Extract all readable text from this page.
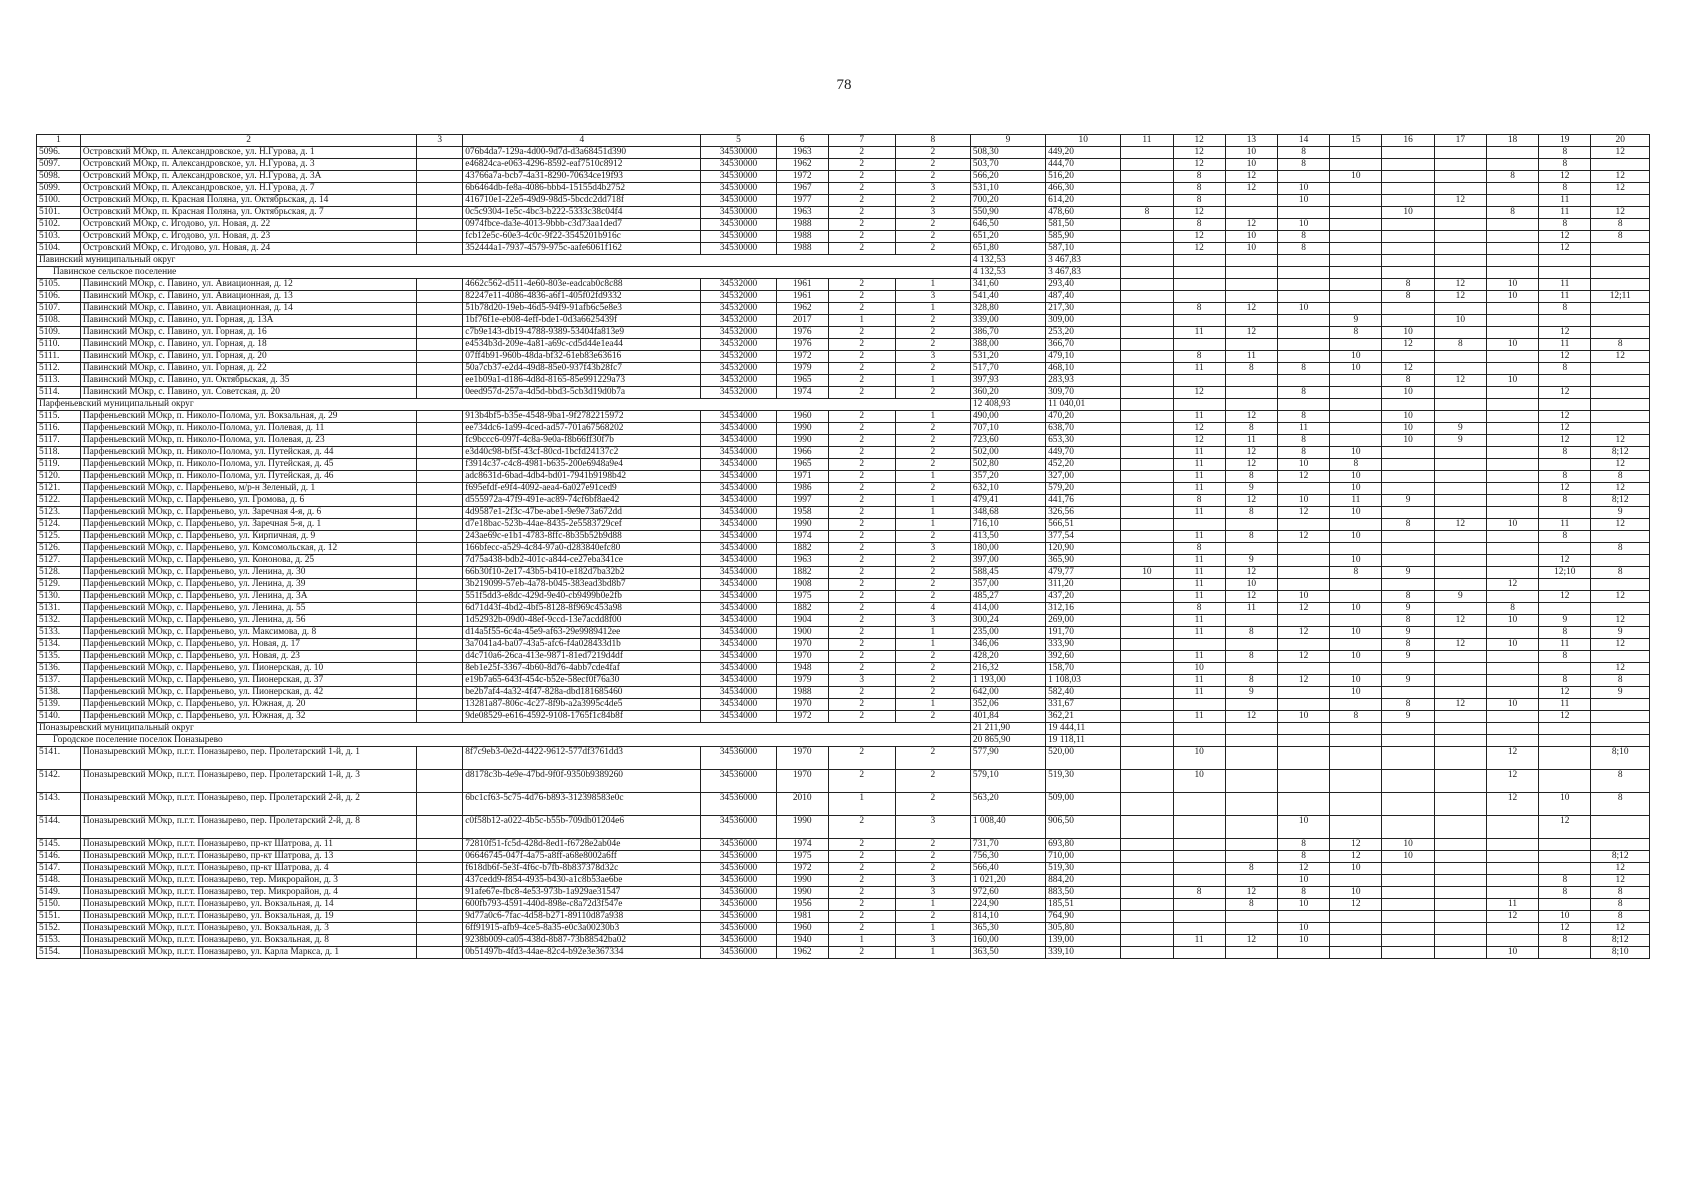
78
1	2	3	4	5	6	7	8	9	10	11	12	13	14	15	16	17	18	19	20
5096.	Островский МОкр, п. Александровское, ул. Н.Гурова, д. 1		076b4da7-129a-4d00-9d7d-d3a68451d390	34530000	1963	2	2	508,30	449,20		12	10	8					8	12
5097.	Островский МОкр, п. Александровское, ул. Н.Гурова, д. 3		e46824ca-e063-4296-8592-eaf7510c8912	34530000	1962	2	2	503,70	444,70		12	10	8					8	
5098.	Островский МОкр, п. Александровское, ул. Н.Гурова, д. 3А		43766a7a-bcb7-4a31-8290-70634ce19f93	34530000	1972	2	2	566,20	516,20		8	12		10			8	12	12
5099.	Островский МОкр, п. Александровское, ул. Н.Гурова, д. 7		6b6464db-fe8a-4086-bbb4-15155d4b2752	34530000	1967	2	3	531,10	466,30		8	12	10					8	12
5100.	Островский МОкр, п. Красная Поляна, ул. Октябрьская, д. 14		416710e1-22e5-49d9-98d5-5bcdc2dd718f	34530000	1977	2	2	700,20	614,20		8		10			12		11	
5101.	Островский МОкр, п. Красная Поляна, ул. Октябрьская, д. 7		0c5c9304-1e5c-4bc3-b222-5333c38c04f4	34530000	1963	2	3	550,90	478,60	8	12				10		8	11	12
5102.	Островский МОкр, с. Игодово, ул. Новая, д. 22		0974fbce-da3e-4013-9bbb-c3d73aa1ded7	34530000	1988	2	2	646,50	581,50		8	12	10					8	8
5103.	Островский МОкр, с. Игодово, ул. Новая, д. 23		fcb12e5c-60e3-4c0c-9f22-3545201b916c	34530000	1988	2	2	651,20	585,90		12	10	8					12	8
5104.	Островский МОкр, с. Игодово, ул. Новая, д. 24		352444a1-7937-4579-975c-aafe6061f162	34530000	1988	2	2	651,80	587,10		12	10	8					12	
Павинский муниципальный округ								4 132,53	3 467,83										
Павинское сельское поселение								4 132,53	3 467,83										
5105.	Павинский МОкр, с. Павино, ул. Авиационная, д. 12		4662c562-d511-4e60-803e-eadcab0c8c88	34532000	1961	2	1	341,60	293,40						8	12	10	11	
5106.	Павинский МОкр, с. Павино, ул. Авиационная, д. 13		82247e11-4086-4836-a6f1-405f02fd9332	34532000	1961	2	3	541,40	487,40						8	12	10	11	12;11
5107.	Павинский МОкр, с. Павино, ул. Авиационная, д. 14		51b78d20-19eb-46d5-94f9-91afb6c5e8e3	34532000	1962	2	1	328,80	217,30		8	12	10					8	
5108.	Павинский МОкр, с. Павино, ул. Горная, д. 13А		1bf76f1e-eb08-4eff-bde1-0d3a6625439f	34532000	2017	1	2	339,00	309,00					9		10			
5109.	Павинский МОкр, с. Павино, ул. Горная, д. 16		c7b9e143-db19-4788-9389-53404fa813e9	34532000	1976	2	2	386,70	253,20		11	12		8	10			12	
5110.	Павинский МОкр, с. Павино, ул. Горная, д. 18		e4534b3d-209e-4a81-a69c-cd5d44e1ea44	34532000	1976	2	2	388,00	366,70						12	8	10	11	8
5111.	Павинский МОкр, с. Павино, ул. Горная, д. 20		07ff4b91-960b-48da-bf32-61eb83e63616	34532000	1972	2	3	531,20	479,10		8	11		10				12	12
5112.	Павинский МОкр, с. Павино, ул. Горная, д. 22		50a7cb37-e2d4-49d8-85e0-937f43b28fc7	34532000	1979	2	2	517,70	468,10		11	8	8	10	12			8	
5113.	Павинский МОкр, с. Павино, ул. Октябрьская, д. 35		ee1b09a1-d186-4d8d-8165-85e991229a73	34532000	1965	2	1	397,93	283,93						8	12	10		
5114.	Павинский МОкр, с. Павино, ул. Советская, д. 20		0eed957d-257a-4d5d-bbd3-5cb3d19d0b7a	34532000	1974	2	2	360,20	309,70		12		8		10			12	
Парфеньевский муниципальный округ								12 408,93	11 040,01										
5115.	Парфеньевский МОкр, п. Николо-Полома, ул. Вокзальная, д. 29		913b4bf5-b35e-4548-9ba1-9f2782215972	34534000	1960	2	1	490,00	470,20		11	12	8		10			12	
5116.	Парфеньевский МОкр, п. Николо-Полома, ул. Полевая, д. 11		ee734dc6-1a99-4ced-ad57-701a67568202	34534000	1990	2	2	707,10	638,70		12	8	11		10	9		12	
5117.	Парфеньевский МОкр, п. Николо-Полома, ул. Полевая, д. 23		fc9bccc6-097f-4c8a-9e0a-f8b66ff30f7b	34534000	1990	2	2	723,60	653,30		12	11	8		10	9		12	12
5118.	Парфеньевский МОкр, п. Николо-Полома, ул. Путейская, д. 44		e3d40c98-bf5f-43cf-80cd-1bcfd24137c2	34534000	1966	2	2	502,00	449,70		11	12	8	10				8	8;12
5119.	Парфеньевский МОкр, п. Николо-Полома, ул. Путейская, д. 45		f3914c37-c4c8-4981-b635-200e6948a9e4	34534000	1965	2	2	502,80	452,20		11	12	10	8					12
5120.	Парфеньевский МОкр, п. Николо-Полома, ул. Путейская, д. 46		adc8631d-6bad-4db4-bd01-7941b9198b42	34534000	1971	2	1	357,20	327,00		11	8	12	10				8	8
5121.	Парфеньевский МОкр, с. Парфеньево, м/р-н Зеленый, д. 1		f695efdf-e9f4-4092-aea4-6a027e91ced9	34534000	1986	2	2	632,10	579,20		11	9		10				12	12
5122.	Парфеньевский МОкр, с. Парфеньево, ул. Громова, д. 6		d555972a-47f9-491e-ac89-74cf6bf8ae42	34534000	1997	2	1	479,41	441,76		8	12	10	11	9			8	8;12
5123.	Парфеньевский МОкр, с. Парфеньево, ул. Заречная 4-я, д. 6		4d9587e1-2f3c-47be-abe1-9e9e73a672dd	34534000	1958	2	1	348,68	326,56		11	8	12	10					9
5124.	Парфеньевский МОкр, с. Парфеньево, ул. Заречная 5-я, д. 1		d7e18bac-523b-44ae-8435-2e5583729cef	34534000	1990	2	1	716,10	566,51						8	12	10	11	12
5125.	Парфеньевский МОкр, с. Парфеньево, ул. Кирпичная, д. 9		243ae69c-e1b1-4783-8ffc-8b35b52b9d88	34534000	1974	2	2	413,50	377,54		11	8	12	10				8	
5126.	Парфеньевский МОкр, с. Парфеньево, ул. Комсомольская, д. 12		166bfecc-a529-4c84-97a0-d283840efc80	34534000	1882	2	3	180,00	120,90		8								8
5127.	Парфеньевский МОкр, с. Парфеньево, ул. Кононова, д. 25		7d75a438-bdb2-401c-a844-ce27eba341ce	34534000	1963	2	2	397,00	365,90		11	9		10				12	
5128.	Парфеньевский МОкр, с. Парфеньево, ул. Ленина, д. 30		66b30f10-2e17-43b5-b410-e182d7ba32b2	34534000	1882	2	2	588,45	479,77	10	11	12		8	9			12;10	8
5129.	Парфеньевский МОкр, с. Парфеньево, ул. Ленина, д. 39		3b219099-57eb-4a78-b045-383ead3bd8b7	34534000	1908	2	2	357,00	311,20		11	10					12		
5130.	Парфеньевский МОкр, с. Парфеньево, ул. Ленина, д. 3А		551f5dd3-e8dc-429d-9e40-cb9499b0e2fb	34534000	1975	2	2	485,27	437,20		11	12	10		8	9		12	12
5131.	Парфеньевский МОкр, с. Парфеньево, ул. Ленина, д. 55		6d71d43f-4bd2-4bf5-8128-8f969c453a98	34534000	1882	2	4	414,00	312,16		8	11	12	10	9		8		
5132.	Парфеньевский МОкр, с. Парфеньево, ул. Ленина, д. 56		1d52932b-09d0-48ef-9ccd-13e7acdd8f00	34534000	1904	2	3	300,24	269,00		11				8	12	10	9	12
5133.	Парфеньевский МОкр, с. Парфеньево, ул. Максимова, д. 8		d14a5f55-6c4a-45e9-af63-29e9989412ee	34534000	1900	2	1	235,00	191,70		11	8	12	10	9			8	9
5134.	Парфеньевский МОкр, с. Парфеньево, ул. Новая, д. 17		3a7041a4-ba07-43a5-afc6-f4a028433d1b	34534000	1970	2	1	346,06	333,90						8	12	10	11	12
5135.	Парфеньевский МОкр, с. Парфеньево, ул. Новая, д. 23		d4c710a6-26ca-413e-9871-81ed7219d4df	34534000	1970	2	2	428,20	392,60		11	8	12	10	9			8	
5136.	Парфеньевский МОкр, с. Парфеньево, ул. Пионерская, д. 10		8eb1e25f-3367-4b60-8d76-4abb7cde4faf	34534000	1948	2	2	216,32	158,70		10								12
5137.	Парфеньевский МОкр, с. Парфеньево, ул. Пионерская, д. 37		e19b7a65-643f-454c-b52e-58ecf0f76a30	34534000	1979	3	2	1 193,00	1 108,03		11	8	12	10	9			8	8
5138.	Парфеньевский МОкр, с. Парфеньево, ул. Пионерская, д. 42		be2b7af4-4a32-4f47-828a-dbd181685460	34534000	1988	2	2	642,00	582,40		11	9		10				12	9
5139.	Парфеньевский МОкр, с. Парфеньево, ул. Южная, д. 20		13281a87-806c-4c27-8f9b-a2a3995c4de5	34534000	1970	2	1	352,06	331,67						8	12	10	11	
5140.	Парфеньевский МОкр, с. Парфеньево, ул. Южная, д. 32		9de08529-e616-4592-9108-1765f1c84b8f	34534000	1972	2	2	401,84	362,21		11	12	10	8	9			12	
Поназыревский муниципальный округ								21 211,90	19 444,11										
Городское поселение поселок Поназырево								20 865,90	19 118,11										
5141.	Поназыревский МОкр, п.г.т. Поназырево, пер. Пролетарский 1-й, д. 1		8f7c9eb3-0e2d-4422-9612-577df3761dd3	34536000	1970	2	2	577,90	520,00		10						12		8;10
5142.	Поназыревский МОкр, п.г.т. Поназырево, пер. Пролетарский 1-й, д. 3		d8178c3b-4e9e-47bd-9f0f-9350b9389260	34536000	1970	2	2	579,10	519,30		10						12		8
5143.	Поназыревский МОкр, п.г.т. Поназырево, пер. Пролетарский 2-й, д. 2		6bc1cf63-5c75-4d76-b893-312398583e0c	34536000	2010	1	2	563,20	509,00								12	10	8
5144.	Поназыревский МОкр, п.г.т. Поназырево, пер. Пролетарский 2-й, д. 8		c0f58b12-a022-4b5c-b55b-709db01204e6	34536000	1990	2	3	1 008,40	906,50				10					12	
5145.	Поназыревский МОкр, п.г.т. Поназырево, пр-кт Шатрова, д. 11		72810f51-fc5d-428d-8ed1-f6728e2ab04e	34536000	1974	2	2	731,70	693,80				8	12	10				
5146.	Поназыревский МОкр, п.г.т. Поназырево, пр-кт Шатрова, д. 13		06646745-047f-4a75-a8ff-a68e8002a6ff	34536000	1975	2	2	756,30	710,00				8	12	10				8;12
5147.	Поназыревский МОкр, п.г.т. Поназырево, пр-кт Шатрова, д. 4		f618db6f-5e3f-4f6c-b7fb-8b837378d32c	34536000	1972	2	2	566,40	519,30			8	12	10					12
5148.	Поназыревский МОкр, п.г.т. Поназырево, тер. Микрорайон, д. 3		437cedd9-f854-4935-b430-a1c8b53ae6be	34536000	1990	2	3	1 021,20	884,20				10					8	12
5149.	Поназыревский МОкр, п.г.т. Поназырево, тер. Микрорайон, д. 4		91afe67e-fbc8-4e53-973b-1a929ae31547	34536000	1990	2	3	972,60	883,50		8	12	8	10				8	8
5150.	Поназыревский МОкр, п.г.т. Поназырево, ул. Вокзальная, д. 14		600fb793-4591-440d-898e-c8a72d3f547e	34536000	1956	2	1	224,90	185,51			8	10	12			11		8
5151.	Поназыревский МОкр, п.г.т. Поназырево, ул. Вокзальная, д. 19		9d77a0c6-7fac-4d58-b271-89110d87a938	34536000	1981	2	2	814,10	764,90								12	10	8
5152.	Поназыревский МОкр, п.г.т. Поназырево, ул. Вокзальная, д. 3		6ff91915-afb9-4ce5-8a35-e0c3a00230b3	34536000	1960	2	1	365,30	305,80				10					12	12
5153.	Поназыревский МОкр, п.г.т. Поназырево, ул. Вокзальная, д. 8		9238b009-ca05-438d-8b87-73b88542ba02	34536000	1940	1	3	160,00	139,00		11	12	10					8	8;12
5154.	Поназыревский МОкр, п.г.т. Поназырево, ул. Карла Маркса, д. 1		0b51497b-4fd3-44ae-82c4-b92e3e367334	34536000	1962	2	1	363,50	339,10								10		8;10
